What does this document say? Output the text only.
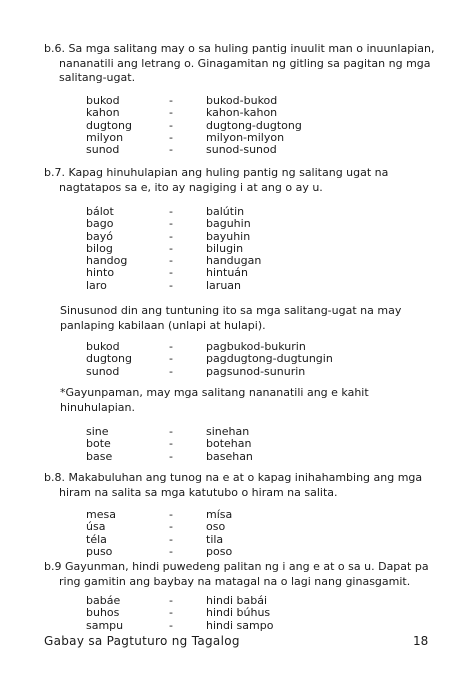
b.6. Sa mga salitang may o sa huling pantig inuulit man o inuunlapian,
nananatili ang letrang o. Ginagamitan ng gitling sa pagitan ng mga
salitang-ugat.
bukod	-	bukod-bukod
kahon	-	kahon-kahon
dugtong	-	dugtong-dugtong
milyon	-	milyon-milyon
sunod	-	sunod-sunod
b.7. Kapag hinuhulapian ang huling pantig ng salitang ugat na
nagtatapos sa e, ito ay nagiging i at ang o ay u.
bálot	-	balútin
bago	-	baguhin
bayó	-	bayuhin
bilog	-	bilugin
handog	-	handugan
hinto	-	hintuán
laro	-	laruan
Sinusunod din ang tuntuning ito sa mga salitang-ugat na may
panlaping kabilaan (unlapi at hulapi).
bukod	-	pagbukod-bukurin
dugtong	-	pagdugtong-dugtungin
sunod	-	pagsunod-sunurin
*Gayunpaman, may mga salitang nananatili ang e kahit
hinuhulapian.
sine	-	sinehan
bote	-	botehan
base	-	basehan
b.8. Makabuluhan ang tunog na e at o kapag inihahambing ang mga
hiram na salita sa mga katutubo o hiram na salita.
mesa	-	mísa
úsa	-	oso
téla	-	tila
puso	-	poso
b.9 Gayunman, hindi puwedeng palitan ng i ang e at o sa u. Dapat pa
ring gamitin ang baybay na matagal na o lagi nang ginasgamit.
babáe	-	hindi babái
buhos	-	hindi búhus
sampu	-	hindi sampo
Gabay sa Pagtuturo ng Tagalog	18
